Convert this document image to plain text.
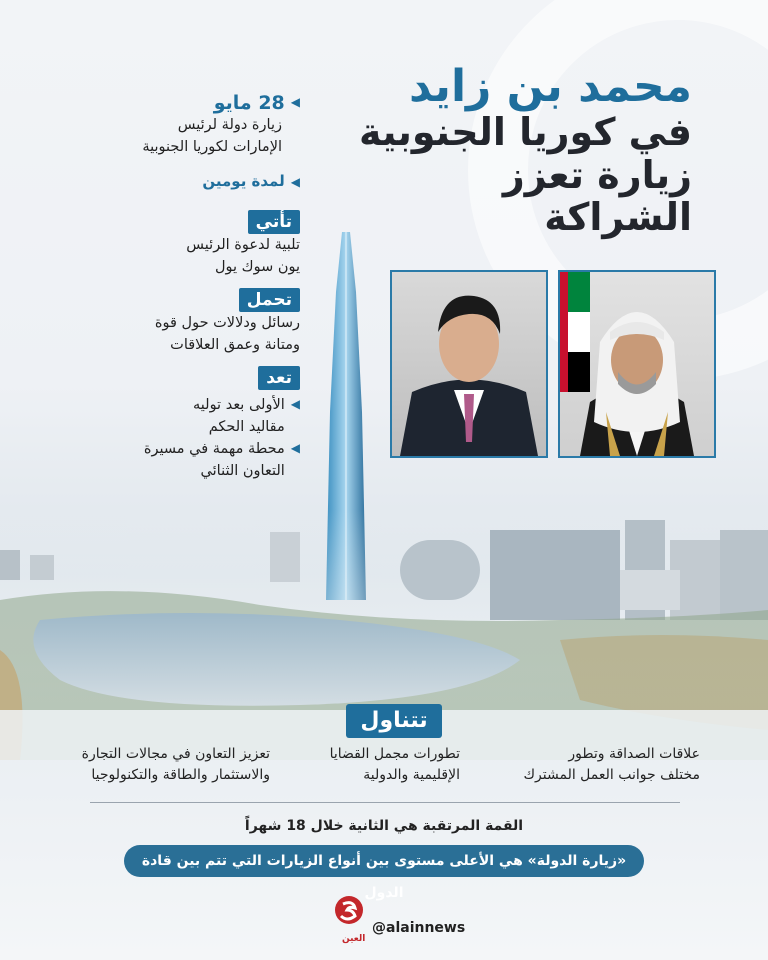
محمد بن زايد
في كوريا الجنوبية
زيارة تعزز الشراكة
◀
28 مايو
زيارة دولة لرئيس
الإمارات لكوريا الجنوبية
◀
لمدة يومين
تأتي
تلبية لدعوة الرئيس
يون سوك يول
تحمل
رسائل ودلالات حول قوة
ومتانة وعمق العلاقات
تعد
◀
الأولى بعد توليه
مقاليد الحكم
◀
محطة مهمة في مسيرة
التعاون الثنائي
تتناول
علاقات الصداقة وتطور
مختلف جوانب العمل المشترك
تطورات مجمل القضايا
الإقليمية والدولية
تعزيز التعاون في مجالات التجارة
والاستثمار والطاقة والتكنولوجيا
القمة المرتقبة هي الثانية خلال 18 شهراً
«زيارة الدولة» هي الأعلى مستوى بين أنواع الزيارات التي تتم بين قادة الدول
العين
@alainnews
